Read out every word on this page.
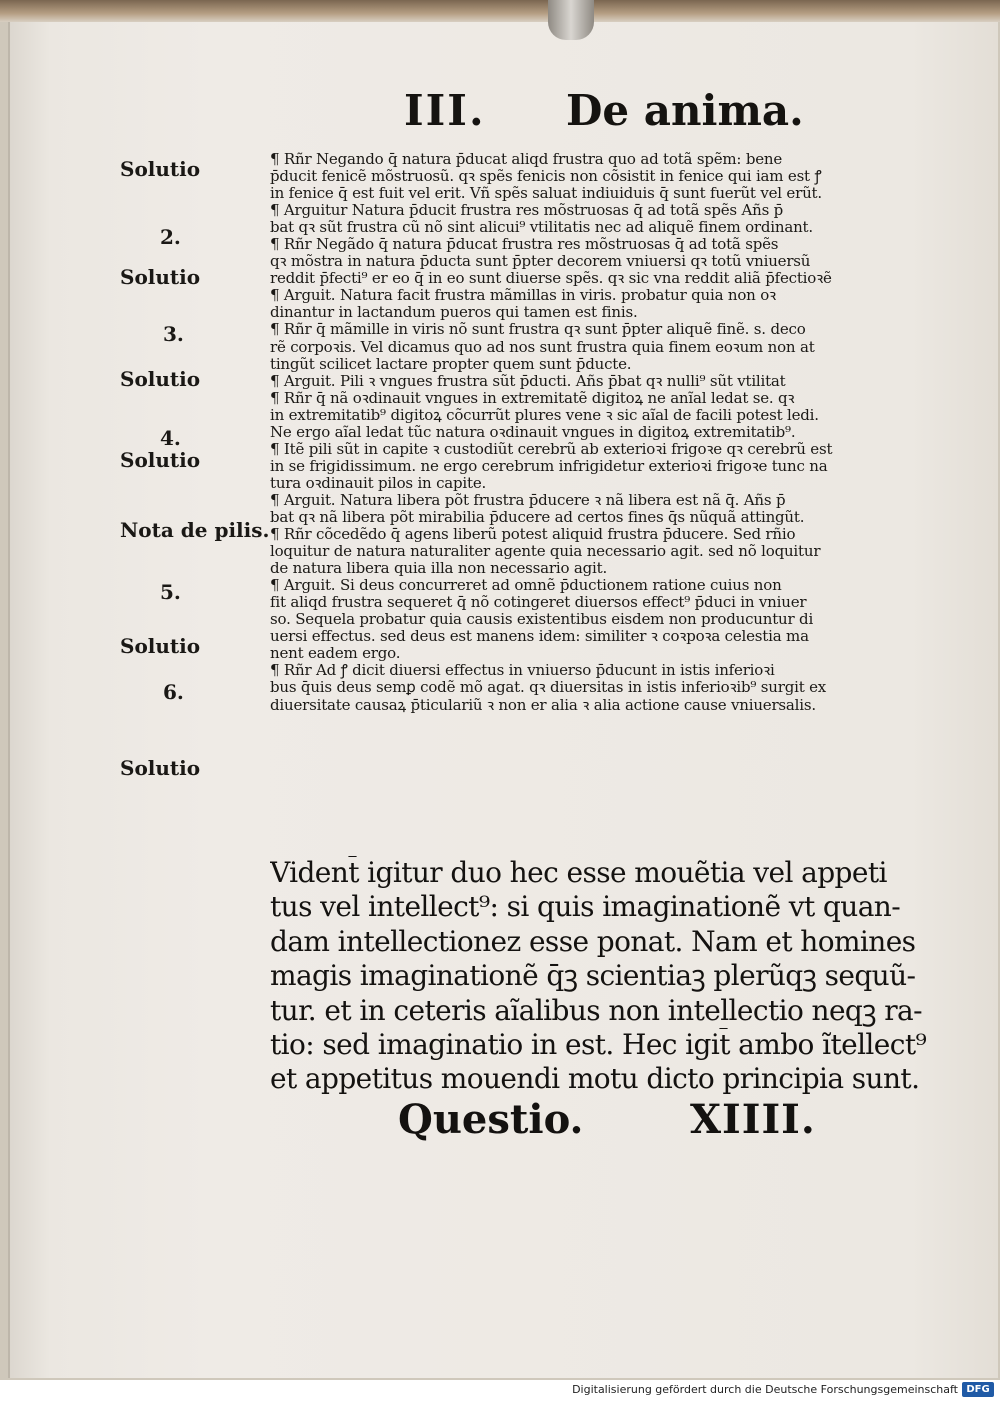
III. De anima.
Solutio
2.
Solutio
3.
Solutio
4.
Solutio
Nota de pilis.
5.
Solutio
6.
Solutio
¶ Rñr Negando q̄ natura p̄ducat aliqd frustra quo ad totã spẽm: bene
p̄ducit fenicẽ mõstruosũ. qꝛ spẽs fenicis non cõsistit in fenice qui iam est ꝭ
in fenice q̄ est fuit vel erit. Vñ spẽs saluat̄ indiuiduis q̄ sunt fuerũt vel erũt.
¶ Arguitur Natura p̄ducit frustra res mõstruosas q̄ ad totã spẽs Añs p̄
bat̄ qꝛ sũt frustra cũ nõ sint alicui⁹ vtilitatis nec ad aliquẽ finem ordinant̄.
¶ Rñr Negãdo q̄ natura p̄ducat frustra res mõstruosas q̄ ad totã spẽs
qꝛ mõstra in natura p̄ducta sunt p̄pter decorem vniuersi qꝛ totũ vniuersũ
reddit̄ p̄fecti⁹ er eo q̄ in eo sunt diuerse spẽs. qꝛ sic vna reddit aliã p̄fectioꝛẽ
¶ Arguit̄. Natura facit frustra mãmillas in viris. probatur quia non oꝛ
dinantur in lactandum pueros qui tamen est finis.
¶ Rñr q̄ mãmille in viris nõ sunt frustra qꝛ sunt p̄pter aliquẽ finẽ. s. deco
rẽ corpoꝛis. Vel dicamus quo ad nos sunt frustra quia finem eoꝛum non at
tingũt scilicet lactare propter quem sunt p̄ducte.
¶ Arguit̄. Pili ꝛ vngues frustra sũt p̄ducti. Añs p̄bat̄ qꝛ nulli⁹ sũt vtilitat̄
¶ Rñr q̄ nã oꝛdinauit vngues in extremitatẽ digitoꝝ ne anĩal ledat se. qꝛ
in extremitatib⁹ digitoꝝ cõcurrũt plures vene ꝛ sic aĩal de facili potest ledi.
Ne ergo aĩal ledat̄ tũc natura oꝛdinauit vngues in digitoꝝ extremitatib⁹.
¶ Itẽ pili sũt in capite ꝛ custodiũt cerebrũ ab exterioꝛi frigoꝛe qꝛ cerebrũ est
in se frigidissimum. ne ergo cerebrum infrigidetur exterioꝛi frigoꝛe tunc na
tura oꝛdinauit pilos in capite.
¶ Arguit̄. Natura libera põt frustra p̄ducere ꝛ nã libera est nã q̄. Añs p̄
bat̄ qꝛ nã libera põt mirabilia p̄ducere ad certos fines q̄s nũquã attingũt.
¶ Rñr cõcedẽdo q̄ agens liberũ potest aliquid frustra p̄ducere. Sed rñio
loquitur de natura naturaliter agente quia necessario agit. sed nõ loquitur
de natura libera quia illa non necessario agit.
¶ Arguit̄. Si deus concurreret ad omnẽ p̄ductionem ratione cuius non
fit aliqd frustra sequeret̄ q̄ nõ cotingeret diuersos effect⁹ p̄duci in vniuer
so. Sequela probatur quia causis existentibus eisdem non producuntur di
uersi effectus. sed deus est manens idem: similiter ꝛ coꝛpoꝛa celestia ma
nent eadem ergo.
¶ Rñr Ad ꝭ dicit̄ diuersi effectus in vniuerso p̄ducunt̄ in istis inferioꝛi
bus q̄uis deus semꝑ codẽ mõ agat. qꝛ diuersitas in istis inferioꝛib⁹ surgit ex
diuersitate causaꝝ p̄ticulariũ ꝛ non er alia ꝛ alia actione cause vniuersalis.
Vident̄ igitur duo hec esse mouẽtia vel appeti
tus vel intellect⁹: si quis imaginationẽ vt quan-
dam intellectionez esse ponat. Nam et homines
magis imaginationẽ q̄ꝫ scientiaꝫ plerũqꝫ sequũ-
tur. et in ceteris aĩalibus non intellectio neqꝫ ra-
tio: sed imaginatio in est. Hec igit̄ ambo ĩtellect⁹
et appetitus mouendi motu dicto principia sunt.
Questio.	XIIII.
Digitalisierung gefördert durch die Deutsche Forschungsgemeinschaft DFG
